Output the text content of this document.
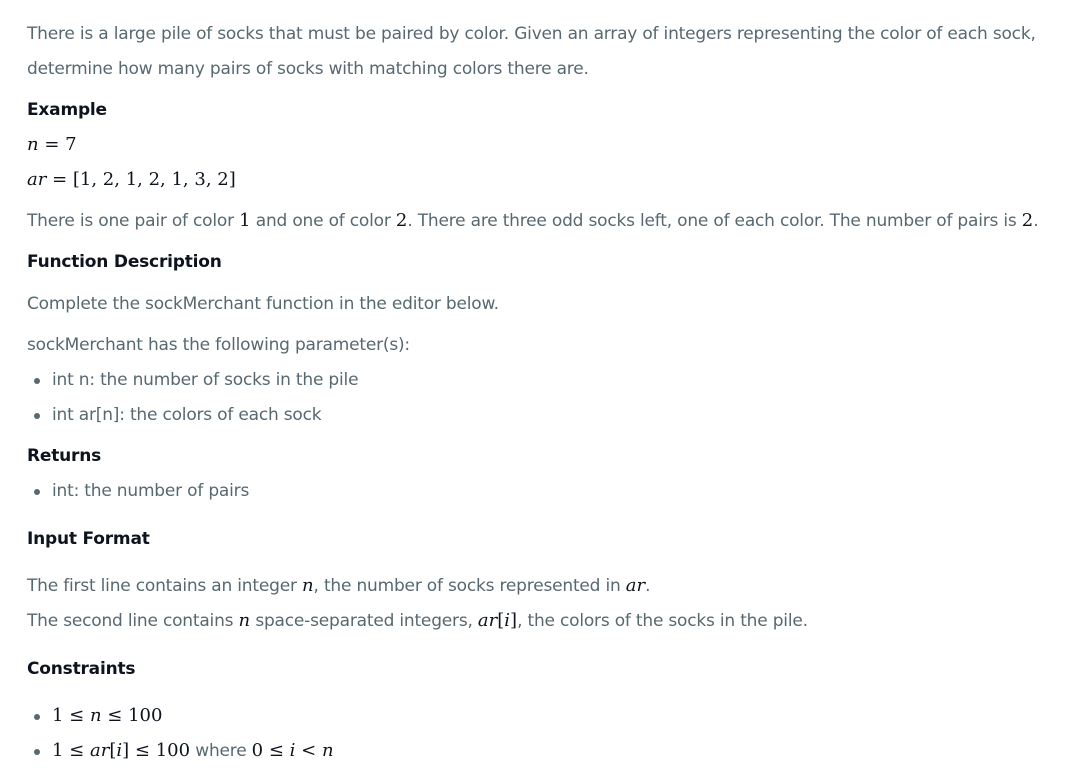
There is a large pile of socks that must be paired by color. Given an array of integers representing the color of each sock,
determine how many pairs of socks with matching colors there are.
Example
n = 7
ar = [1, 2, 1, 2, 1, 3, 2]
There is one pair of color 1 and one of color 2. There are three odd socks left, one of each color. The number of pairs is 2.
Function Description
Complete the sockMerchant function in the editor below.
sockMerchant has the following parameter(s):
int n: the number of socks in the pile
int ar[n]: the colors of each sock
Returns
int: the number of pairs
Input Format
The first line contains an integer n, the number of socks represented in ar.
The second line contains n space-separated integers, ar[i], the colors of the socks in the pile.
Constraints
1 ≤ n ≤ 100
1 ≤ ar[i] ≤ 100 where 0 ≤ i < n
